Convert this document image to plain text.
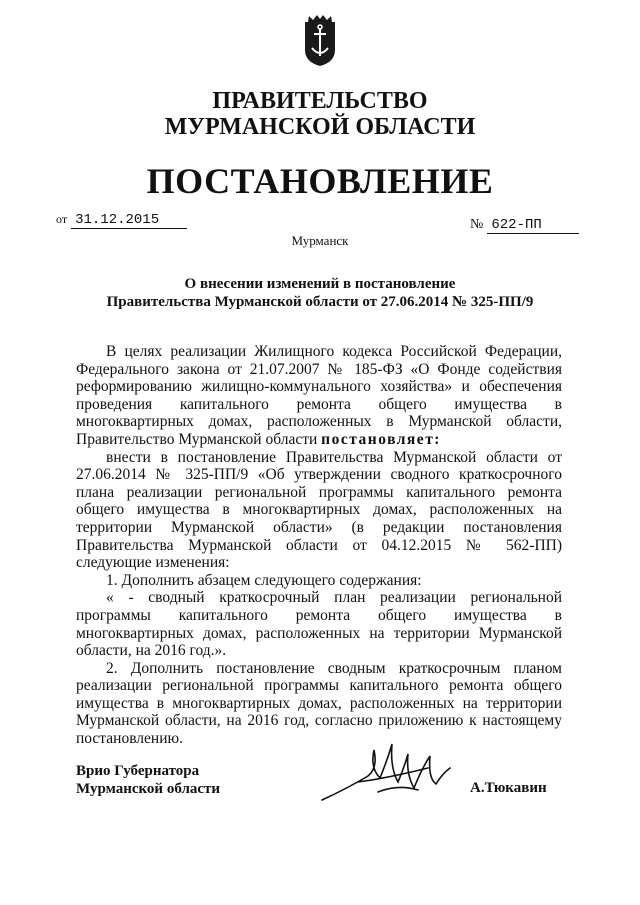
ПРАВИТЕЛЬСТВО
МУРМАНСКОЙ ОБЛАСТИ
ПОСТАНОВЛЕНИЕ
от 31.12.2015	№ 622-ПП
Мурманск
О внесении изменений в постановление
Правительства Мурманской области от 27.06.2014 № 325-ПП/9

В целях реализации Жилищного кодекса Российской Федерации, Федерального закона от 21.07.2007 № 185-ФЗ «О Фонде содействия реформированию жилищно-коммунального хозяйства» и обеспечения проведения капитального ремонта общего имущества в многоквартирных домах, расположенных в Мурманской области, Правительство Мурманской области постановляет:

внести в постановление Правительства Мурманской области от 27.06.2014 № 325-ПП/9 «Об утверждении сводного краткосрочного плана реализации региональной программы капитального ремонта общего имущества в многоквартирных домах, расположенных на территории Мурманской области» (в редакции постановления Правительства Мурманской области от 04.12.2015 № 562-ПП) следующие изменения:

1. Дополнить абзацем следующего содержания:

« - сводный краткосрочный план реализации региональной программы капитального ремонта общего имущества в многоквартирных домах, расположенных на территории Мурманской области, на 2016 год.».

2. Дополнить постановление сводным краткосрочным планом реализации региональной программы капитального ремонта общего имущества в многоквартирных домах, расположенных на территории Мурманской области, на 2016 год, согласно приложению к настоящему постановлению.

Врио Губернатора
Мурманской области	А.Тюкавин
